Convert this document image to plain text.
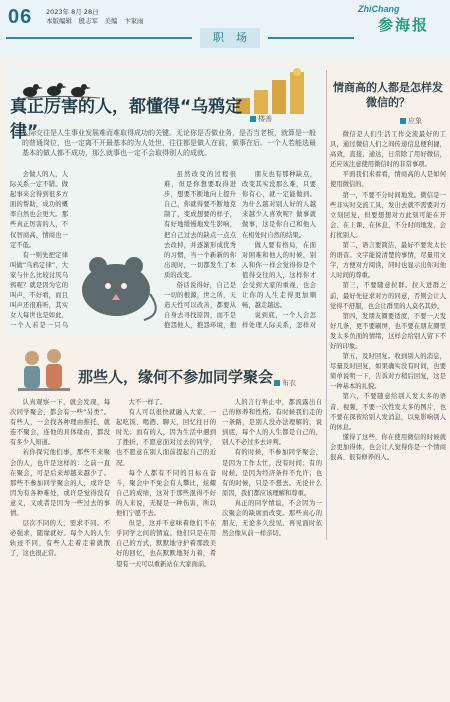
06 2023年 8月 28日
本版编辑　殷志军　美编　卞家雨
职场
ZhiChang
参海报
真正厉害的人，都懂得“乌鸦定律”
楼善
人际交往是人生事业发展难而难取得成功的关键。无论你是否做业务，是否当老板，就算是一般的普通岗位，也一定离不开最基本的为人处世，往往都是做人在前，做事在后。一个人若能选最基本的做人都不成功，那么就事也一定不会取得别人的成就。

会做人的人，人际关系一定不错。做起事来会得到很多方面的帮助，成功的概率自然也会更大。那些真正厉害的人，不仅智商高，情商也一定不低。

有一则先把定律叫做“乌鸦定律”，大家与什么比较讨厌乌鸦呢？就是因为它的叫声，不好看，而且叫声还很难听，其实女人每世也是如此，一个人若是一只乌

虽然改变的过程很难，但是你想要取得进步，想要不断地向上提升自己，你就得要不断地克制了，变成想要的样子，有好地缓慢地发生影响，把自己过去的缺点一点点去改掉，并逐渐形成优秀的习惯，当一个新新的你出现时，一切都发生了本质的改变。

俗话说得好，自己是一切的根源，世之所，天造天性可以改善，都要从自身去寻找原因，而不是抱怨他人，抱怨环境，抱

朋友也有那种缺点，改变其实没那么难，只要你有心，就一定能做到。为什么越对别人好的人越来越少人喜欢呢？做事就做事，这是你自己和他人在相处时自然的结果。

做人要有格局，在面对困难和他人的时候，别人和你一样会觉得你是个值得交往的人，这样你才会受到大家的重视，也会让你的人生走得更加顺畅，越走越远。

说到底，一个人会怎样处理人际关系，怎样对

情商高的人都是怎样发微信的？
应象

微信是人们生活工作交流最好的工具，通过微信人们之间传递信息便利捷，高效，直接，通达，日常除了用好微信，还应该注意使用微信时的非常事项。

平面我们来看看，情商高的人是如何使用微信的。

第一，不要不分时间地发。微信是一些非实时交流工具，发出去就不需要对方立刻回复，但要想想对方此刻可能在开会、在上课、在休息，不分时间地发，会打扰别人。

第二，语言要简洁，最好不要发太长的语音。文字能说清楚的事情，尽量用文字，方便对方阅读，同时也显示出你对他人时间的尊重。

第三，不要随意拉群。拉人进群之前，最好先征求对方的同意，否则会让人觉得不舒服，也会让群里的人莫名其妙。

第四，发朋友圈要适度，不要一天发好几条，更不要刷屏，也不要在朋友圈里发太多负面的情绪，这样会给别人留下不好的印象。

第五，及时回复。收到别人的消息，尽量及时回复，如果确实没有时间，也要简单说明一下，告诉对方稍后回复，这是一种基本的礼貌。

第六，不要随意给别人发太多的语音、视频，不要一次性发太多的图片，也不要在深夜给别人发消息，以免影响别人的休息。

懂得了这些，你在使用微信的时候就会更加得体，也会让人觉得你是一个情商很高、很有修养的人。

那些人，缘何不参加同学聚会	布衣

认真观察一下，就会发现，每次同学聚会，都会有一些“另类”。有些人，一会找各种理由推托，就连不聚会，连他的具体缘由，都没有多少人知道。

若你探究他们事，那些不来聚会的人，也许是这样的：之前一直在聚会，可是后来却越来越少了。那些不参加同学聚会的人，或许是因为有各种难处，或许是觉得没有意义，又或者是因为一些过去的事情。

层次不同的人，需求不同。不必强求，随缘就好。每个人的人生轨迹不同，有些人走着走着就散了，这也很正常。

大不一样了。

有人可以很快就融入大家，一起吃饭、喝酒、聊天，回忆往日的时光；而有的人，因为生活中遇到了挫折，不愿意面对过去的同学，也不愿意在别人面前提起自己的近况。

每个人都有不同的目标在奋斗，聚会中不免会有人攀比，炫耀自己的成绩，这对于那些混得不好的人来说，无疑是一种伤害，所以他们宁愿不去。

但是，这并不意味着他们不在乎同学之间的情谊。他们只是在用自己的方式，默默地守护着那段美好的回忆，也在默默地努力着，希望有一天可以重新站在大家面前。

人的言行举止中，都流露出自己的修养和性格。有时候我们走的一条路，是别人没办法理解的，说到底，每个人的人生都是自己的，别人不必过多去评判。

有的时候，不参加同学聚会，是因为工作太忙，没有时间；有的时候，是因为经济条件不允许；也有的时候，只是不想去。无论什么原因，我们都应该理解和尊重。

真正的同学情谊，不会因为一次聚会的缺席而改变。那些真心的朋友，无论多久没见，再见面时依然会像从前一样亲切。
